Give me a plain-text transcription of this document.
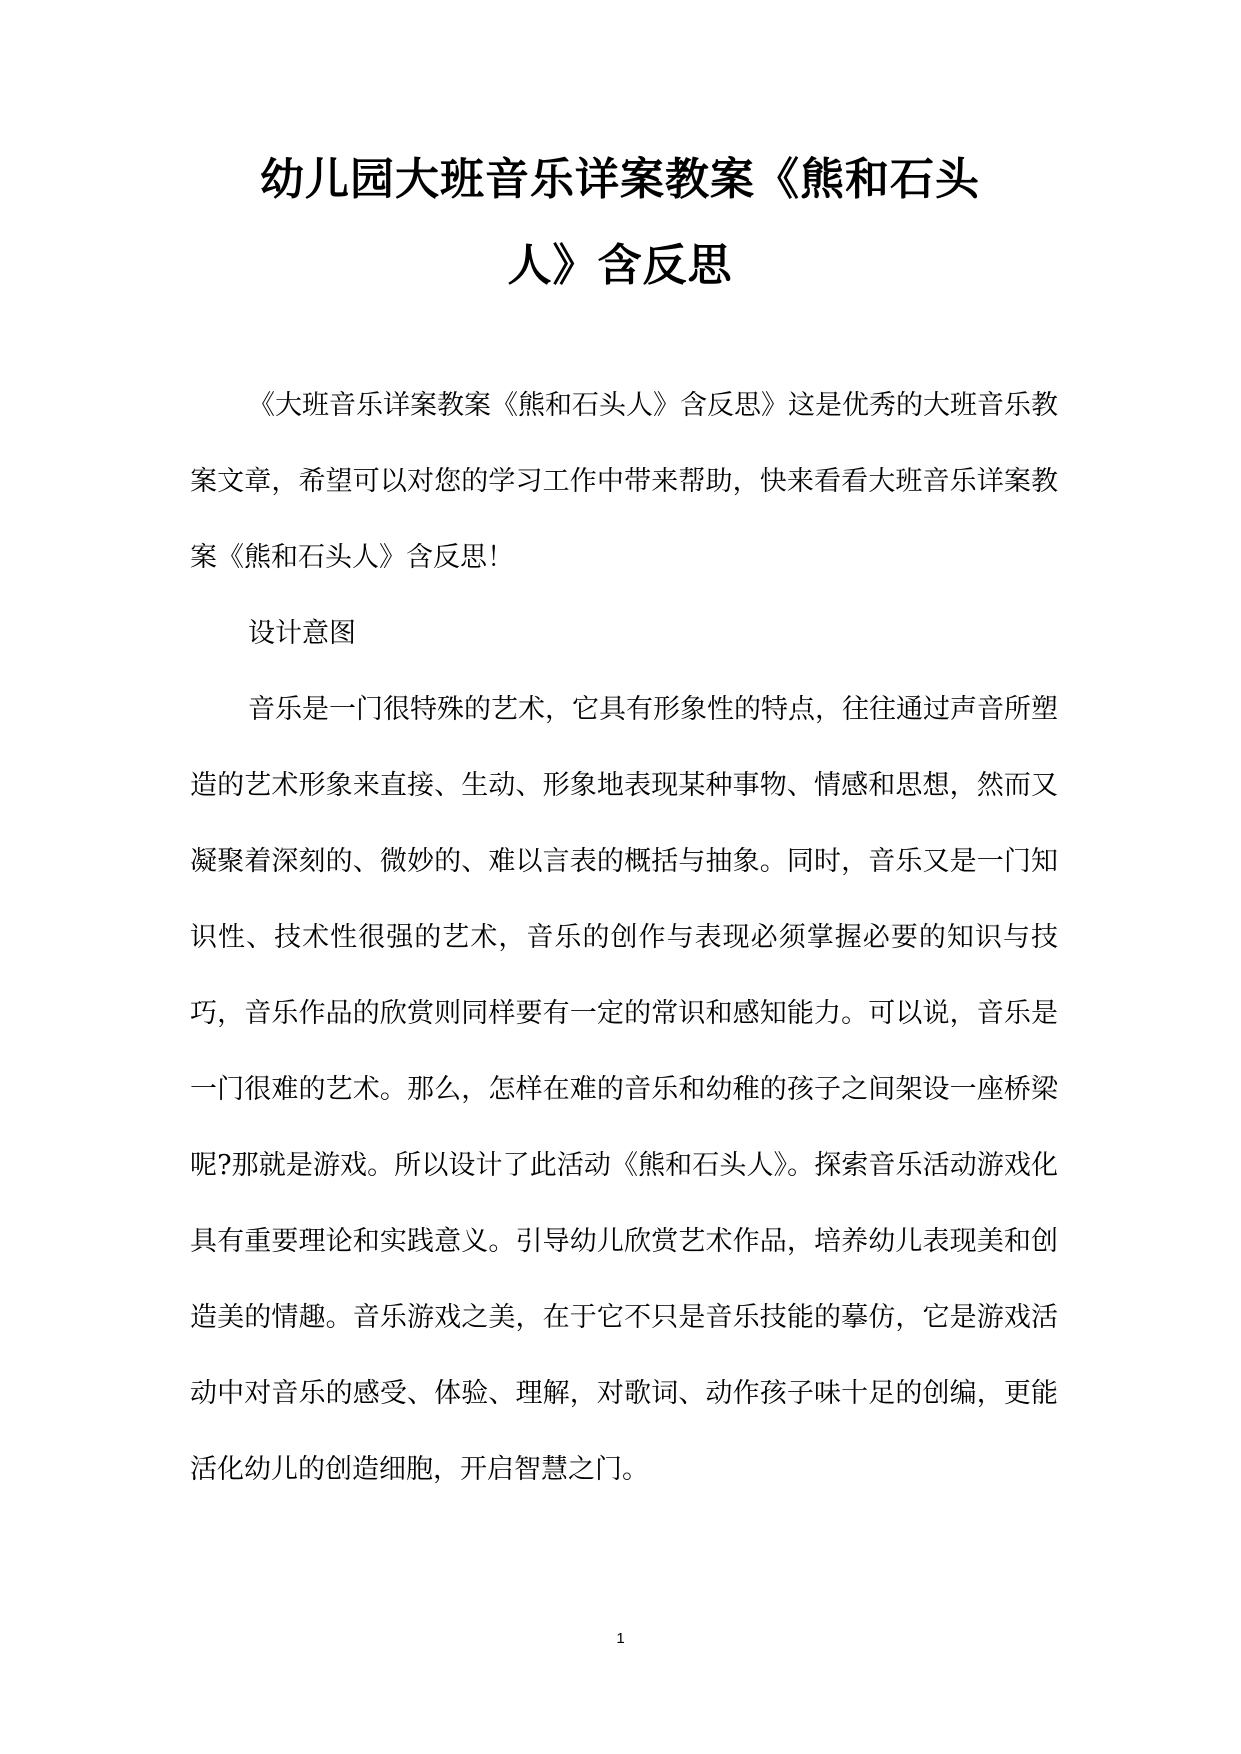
幼儿园大班音乐详案教案《熊和石头
人》含反思

《大班音乐详案教案《熊和石头人》含反思》这是优秀的大班音乐教案文章，希望可以对您的学习工作中带来帮助，快来看看大班音乐详案教案《熊和石头人》含反思！

设计意图

音乐是一门很特殊的艺术，它具有形象性的特点，往往通过声音所塑造的艺术形象来直接、生动、形象地表现某种事物、情感和思想，然而又凝聚着深刻的、微妙的、难以言表的概括与抽象。同时，音乐又是一门知识性、技术性很强的艺术，音乐的创作与表现必须掌握必要的知识与技巧，音乐作品的欣赏则同样要有一定的常识和感知能力。可以说，音乐是一门很难的艺术。那么，怎样在难的音乐和幼稚的孩子之间架设一座桥梁呢?那就是游戏。所以设计了此活动《熊和石头人》。探索音乐活动游戏化具有重要理论和实践意义。引导幼儿欣赏艺术作品，培养幼儿表现美和创造美的情趣。音乐游戏之美，在于它不只是音乐技能的摹仿，它是游戏活动中对音乐的感受、体验、理解，对歌词、动作孩子味十足的创编，更能活化幼儿的创造细胞，开启智慧之门。

1
